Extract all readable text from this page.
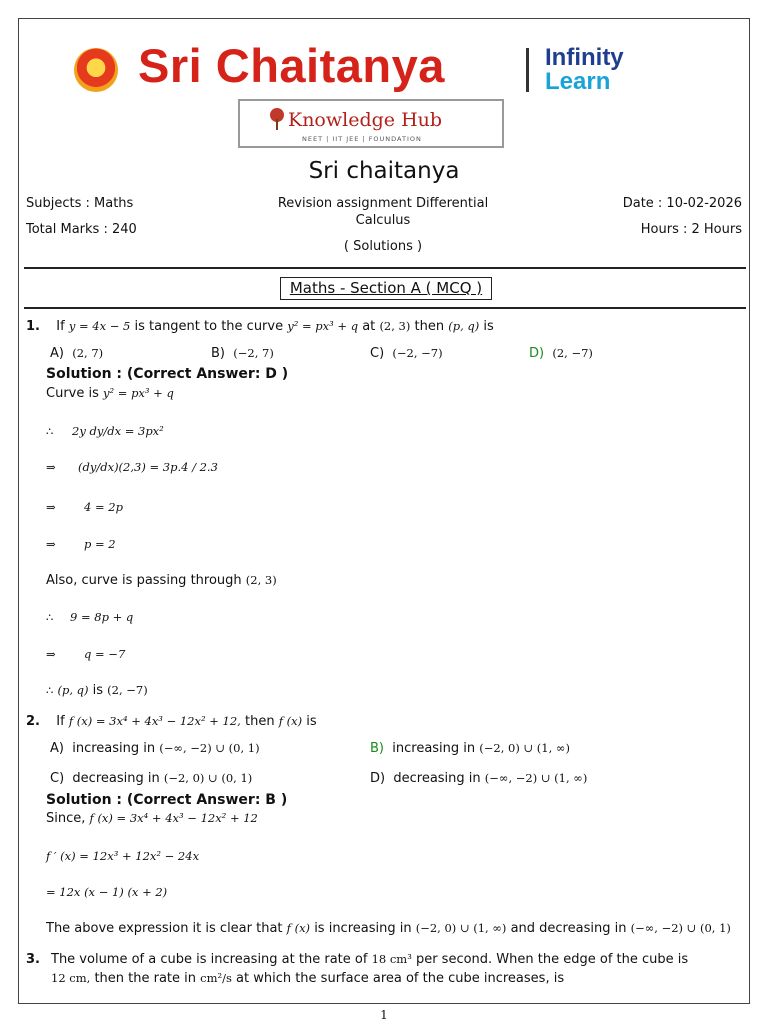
Sri Chaitanya	Infinity
Learn
Knowledge Hub
NEET | IIT JEE | FOUNDATION
Sri chaitanya
Subjects : Maths
Total Marks : 240
Revision assignment Differential
Calculus
( Solutions )
Date : 10-02-2026
Hours : 2 Hours
Maths - Section A ( MCQ )
1. If y = 4x − 5 is tangent to the curve y² = px³ + q at (2, 3) then (p, q) is
A) (2, 7)	B) (−2, 7)	C) (−2, −7)	D) (2, −7)
Solution : (Correct Answer: D )
Curve is y² = px³ + q
∴ 2y dy/dx = 3px²
⇒ (dy/dx)(2,3) = 3p.4 / 2.3
⇒ 4 = 2p
⇒ p = 2
Also, curve is passing through (2, 3)
∴ 9 = 8p + q
⇒ q = −7
∴ (p, q) is (2, −7)
2. If f (x) = 3x⁴ + 4x³ − 12x² + 12, then f (x) is
A) increasing in (−∞, −2) ∪ (0, 1)	B) increasing in (−2, 0) ∪ (1, ∞)
C) decreasing in (−2, 0) ∪ (0, 1)	D) decreasing in (−∞, −2) ∪ (1, ∞)
Solution : (Correct Answer: B )
Since, f (x) = 3x⁴ + 4x³ − 12x² + 12
f ′ (x) = 12x³ + 12x² − 24x
= 12x (x − 1) (x + 2)
The above expression it is clear that f (x) is increasing in (−2, 0) ∪ (1, ∞) and decreasing in (−∞, −2) ∪ (0, 1)
3. The volume of a cube is increasing at the rate of 18 cm³ per second. When the edge of the cube is
12 cm, then the rate in cm²/s at which the surface area of the cube increases, is
1
